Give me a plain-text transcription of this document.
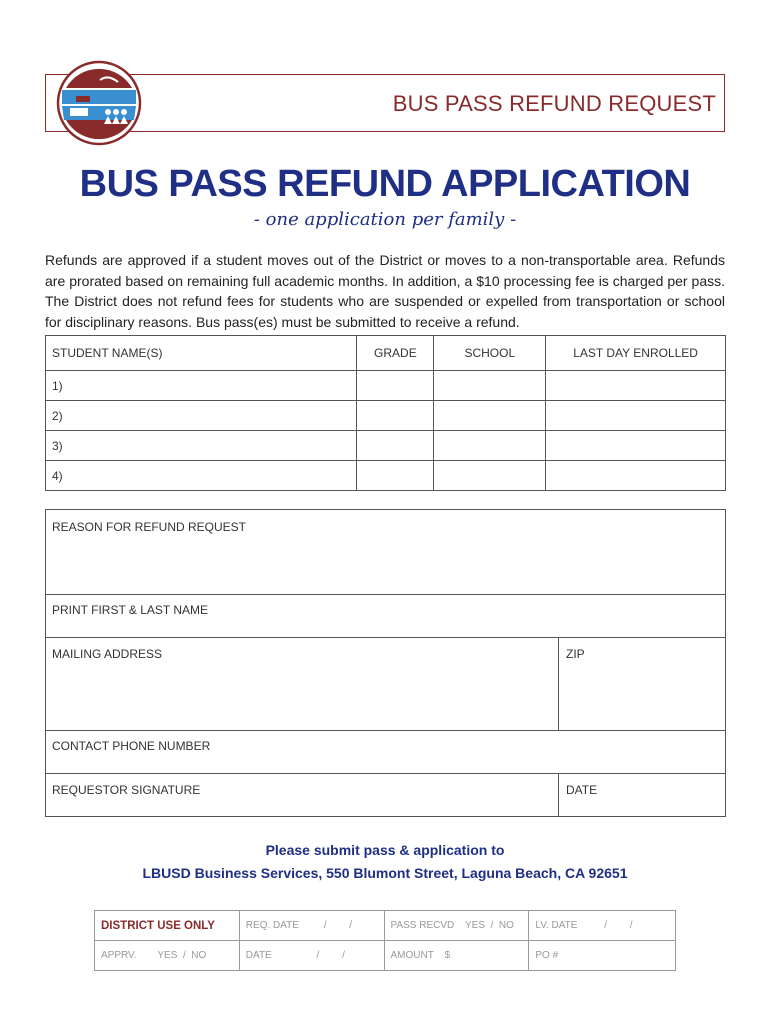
BUS PASS REFUND REQUEST
BUS PASS REFUND APPLICATION
- one application per family -
Refunds are approved if a student moves out of the District or moves to a non-transportable area. Refunds are prorated based on remaining full academic months. In addition, a $10 processing fee is charged per pass. The District does not refund fees for students who are suspended or expelled from transportation or school for disciplinary reasons. Bus pass(es) must be submitted to receive a refund.
STUDENT NAME(S)	GRADE	SCHOOL	LAST DAY ENROLLED
1)			
2)			
3)			
4)			
REASON FOR REFUND REQUEST
PRINT FIRST & LAST NAME
MAILING ADDRESS	ZIP
CONTACT PHONE NUMBER
REQUESTOR SIGNATURE	DATE
Please submit pass & application to
LBUSD Business Services, 550 Blumont Street, Laguna Beach, CA 92651
DISTRICT USE ONLY	REQ. DATE / /	PASS RECVD YES  /  NO	LV. DATE / /
APPRV. YES  /  NO	DATE / /	AMOUNT $	PO #
